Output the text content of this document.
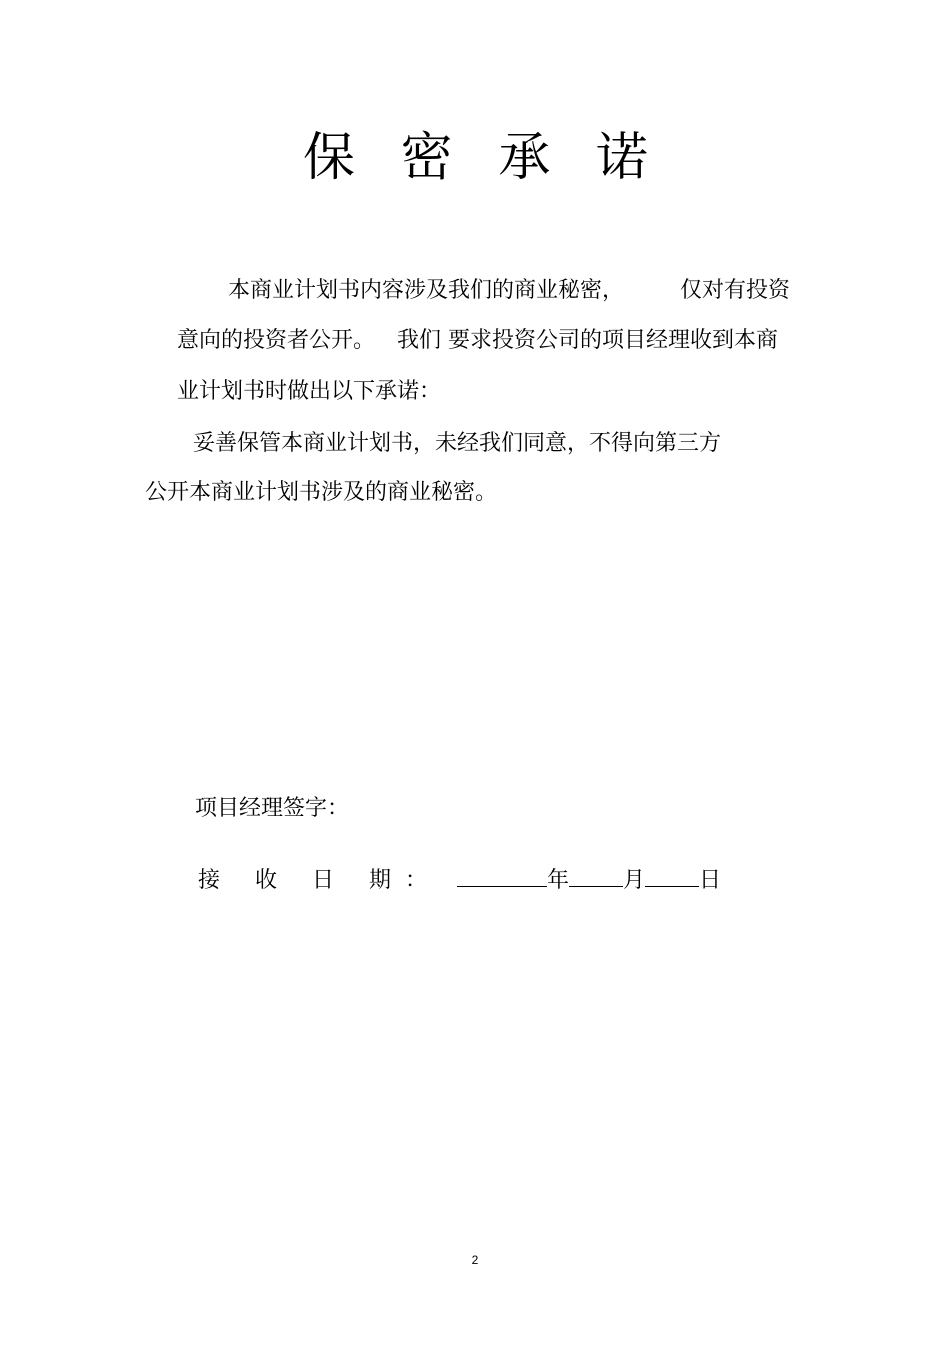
保 密 承 诺
本商业计划书内容涉及我们的商业秘密，	仅对有投资
意向的投资者公开。 我们 要求投资公司的项目经理收到本商
业计划书时做出以下承诺：
妥善保管本商业计划书，未经我们同意，不得向第三方
公开本商业计划书涉及的商业秘密。
项目经理签字：
接 收 日 期：	年 月 日
2
